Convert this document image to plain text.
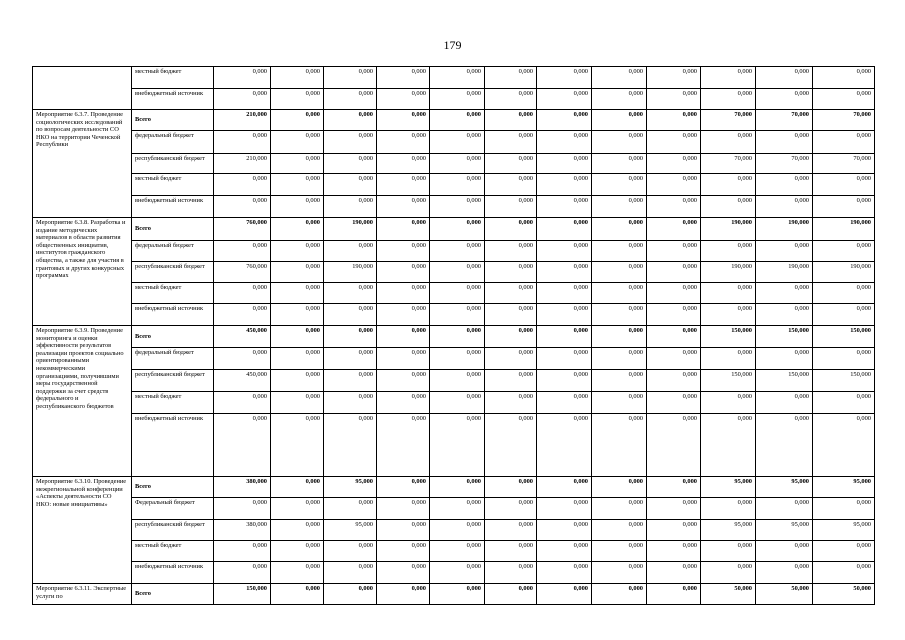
179
	местный бюджет	0,000	0,000	0,000	0,000	0,000	0,000	0,000	0,000	0,000	0,000	0,000	0,000
	внебюджетный источник	0,000	0,000	0,000	0,000	0,000	0,000	0,000	0,000	0,000	0,000	0,000	0,000
Мероприятие 6.3.7. Проведение социологических исследований по вопросам деятельности СО НКО на территории Чеченской Республики	Всего	210,000	0,000	0,000	0,000	0,000	0,000	0,000	0,000	0,000	70,000	70,000	70,000
	федеральный бюджет	0,000	0,000	0,000	0,000	0,000	0,000	0,000	0,000	0,000	0,000	0,000	0,000
	республиканский бюджет	210,000	0,000	0,000	0,000	0,000	0,000	0,000	0,000	0,000	70,000	70,000	70,000
	местный бюджет	0,000	0,000	0,000	0,000	0,000	0,000	0,000	0,000	0,000	0,000	0,000	0,000
	внебюджетный источник	0,000	0,000	0,000	0,000	0,000	0,000	0,000	0,000	0,000	0,000	0,000	0,000
Мероприятие 6.3.8. Разработка и издание методических материалов в области развития общественных инициатив, институтов гражданского общества, а также для участия в грантовых и других конкурсных программах	Всего	760,000	0,000	190,000	0,000	0,000	0,000	0,000	0,000	0,000	190,000	190,000	190,000
	федеральный бюджет	0,000	0,000	0,000	0,000	0,000	0,000	0,000	0,000	0,000	0,000	0,000	0,000
	республиканский бюджет	760,000	0,000	190,000	0,000	0,000	0,000	0,000	0,000	0,000	190,000	190,000	190,000
	местный бюджет	0,000	0,000	0,000	0,000	0,000	0,000	0,000	0,000	0,000	0,000	0,000	0,000
	внебюджетный источник	0,000	0,000	0,000	0,000	0,000	0,000	0,000	0,000	0,000	0,000	0,000	0,000
Мероприятие 6.3.9. Проведение мониторинга и оценки эффективности результатов реализации проектов социально ориентированными некоммерческими организациями, получившими меры государственной поддержки за счет средств федерального и республиканского бюджетов	Всего	450,000	0,000	0,000	0,000	0,000	0,000	0,000	0,000	0,000	150,000	150,000	150,000
	федеральный бюджет	0,000	0,000	0,000	0,000	0,000	0,000	0,000	0,000	0,000	0,000	0,000	0,000
	республиканский бюджет	450,000	0,000	0,000	0,000	0,000	0,000	0,000	0,000	0,000	150,000	150,000	150,000
	местный бюджет	0,000	0,000	0,000	0,000	0,000	0,000	0,000	0,000	0,000	0,000	0,000	0,000
	внебюджетный источник	0,000	0,000	0,000	0,000	0,000	0,000	0,000	0,000	0,000	0,000	0,000	0,000
Мероприятие 6.3.10. Проведение межрегиональной конференции «Аспекты деятельности СО НКО: новые инициативы»	Всего	380,000	0,000	95,000	0,000	0,000	0,000	0,000	0,000	0,000	95,000	95,000	95,000
	Федеральный бюджет	0,000	0,000	0,000	0,000	0,000	0,000	0,000	0,000	0,000	0,000	0,000	0,000
	республиканский бюджет	380,000	0,000	95,000	0,000	0,000	0,000	0,000	0,000	0,000	95,000	95,000	95,000
	местный бюджет	0,000	0,000	0,000	0,000	0,000	0,000	0,000	0,000	0,000	0,000	0,000	0,000
	внебюджетный источник	0,000	0,000	0,000	0,000	0,000	0,000	0,000	0,000	0,000	0,000	0,000	0,000
Мероприятие 6.3.11. Экспертные услуги по	Всего	150,000	0,000	0,000	0,000	0,000	0,000	0,000	0,000	0,000	50,000	50,000	50,000
